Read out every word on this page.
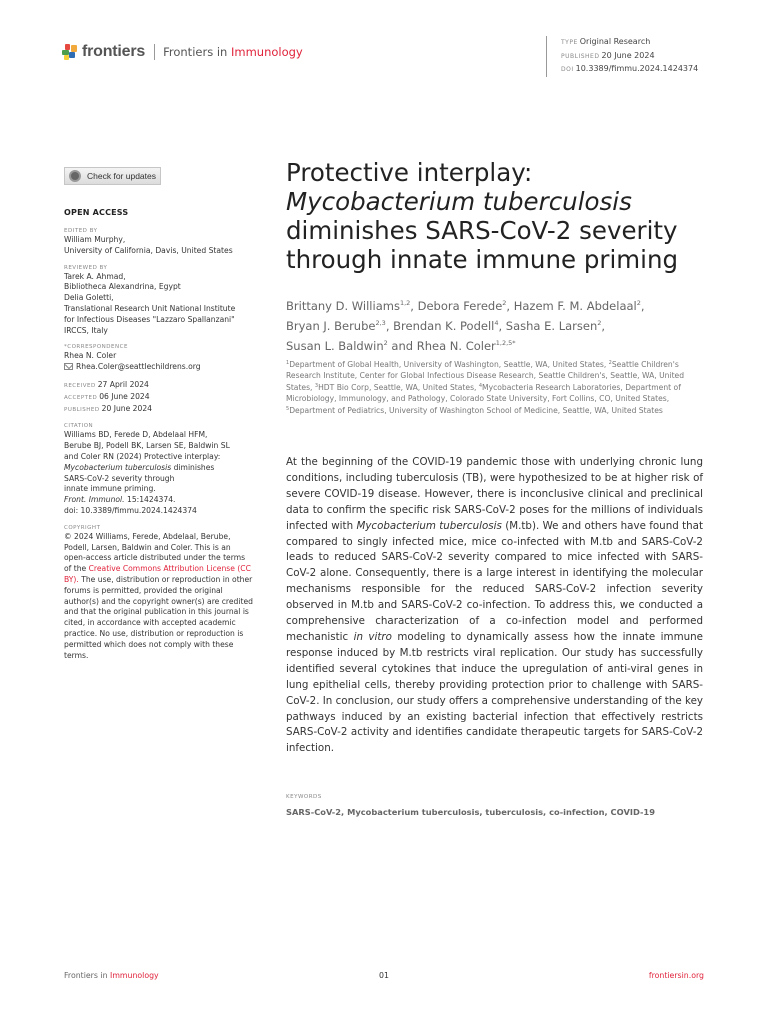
frontiers Frontiers in Immunology
TYPE Original Research
PUBLISHED 20 June 2024
DOI 10.3389/fimmu.2024.1424374
Check for updates
OPEN ACCESS
EDITED BY
William Murphy,
University of California, Davis, United States
REVIEWED BY
Tarek A. Ahmad,
Bibliotheca Alexandrina, Egypt
Delia Goletti,
Translational Research Unit National Institute
for Infectious Diseases "Lazzaro Spallanzani"
IRCCS, Italy
*CORRESPONDENCE
Rhea N. Coler
Rhea.Coler@seattlechildrens.org
RECEIVED 27 April 2024
ACCEPTED 06 June 2024
PUBLISHED 20 June 2024
CITATION
Williams BD, Ferede D, Abdelaal HFM,
Berube BJ, Podell BK, Larsen SE, Baldwin SL
and Coler RN (2024) Protective interplay:
Mycobacterium tuberculosis diminishes
SARS-CoV-2 severity through
innate immune priming.
Front. Immunol. 15:1424374.
doi: 10.3389/fimmu.2024.1424374
COPYRIGHT
© 2024 Williams, Ferede, Abdelaal, Berube, Podell, Larsen, Baldwin and Coler. This is an open-access article distributed under the terms of the Creative Commons Attribution License (CC BY). The use, distribution or reproduction in other forums is permitted, provided the original author(s) and the copyright owner(s) are credited and that the original publication in this journal is cited, in accordance with accepted academic practice. No use, distribution or reproduction is permitted which does not comply with these terms.
Protective interplay:
Mycobacterium tuberculosis
diminishes SARS-CoV-2 severity
through innate immune priming
Brittany D. Williams$^{1,2}$, Debora Ferede$^2$, Hazem F. M. Abdelaal$^2$,
Bryan J. Berube$^{2,3}$, Brendan K. Podell$^4$, Sasha E. Larsen$^2$,
Susan L. Baldwin$^2$ and Rhea N. Coler$^{1,2,5*}$
$^1$Department of Global Health, University of Washington, Seattle, WA, United States, $^2$Seattle Children's Research Institute, Center for Global Infectious Disease Research, Seattle Children's, Seattle, WA, United States, $^3$HDT Bio Corp, Seattle, WA, United States, $^4$Mycobacteria Research Laboratories, Department of Microbiology, Immunology, and Pathology, Colorado State University, Fort Collins, CO, United States, $^5$Department of Pediatrics, University of Washington School of Medicine, Seattle, WA, United States

At the beginning of the COVID-19 pandemic those with underlying chronic lung conditions, including tuberculosis (TB), were hypothesized to be at higher risk of severe COVID-19 disease. However, there is inconclusive clinical and preclinical data to confirm the specific risk SARS-CoV-2 poses for the millions of individuals infected with Mycobacterium tuberculosis (M.tb). We and others have found that compared to singly infected mice, mice co-infected with M.tb and SARS-CoV-2 leads to reduced SARS-CoV-2 severity compared to mice infected with SARS-CoV-2 alone. Consequently, there is a large interest in identifying the molecular mechanisms responsible for the reduced SARS-CoV-2 infection severity observed in M.tb and SARS-CoV-2 co-infection. To address this, we conducted a comprehensive characterization of a co-infection model and performed mechanistic in vitro modeling to dynamically assess how the innate immune response induced by M.tb restricts viral replication. Our study has successfully identified several cytokines that induce the upregulation of anti-viral genes in lung epithelial cells, thereby providing protection prior to challenge with SARS-CoV-2. In conclusion, our study offers a comprehensive understanding of the key pathways induced by an existing bacterial infection that effectively restricts SARS-CoV-2 activity and identifies candidate therapeutic targets for SARS-CoV-2 infection.

KEYWORDS
SARS-CoV-2, Mycobacterium tuberculosis, tuberculosis, co-infection, COVID-19
Frontiers in Immunology	01	frontiersin.org
